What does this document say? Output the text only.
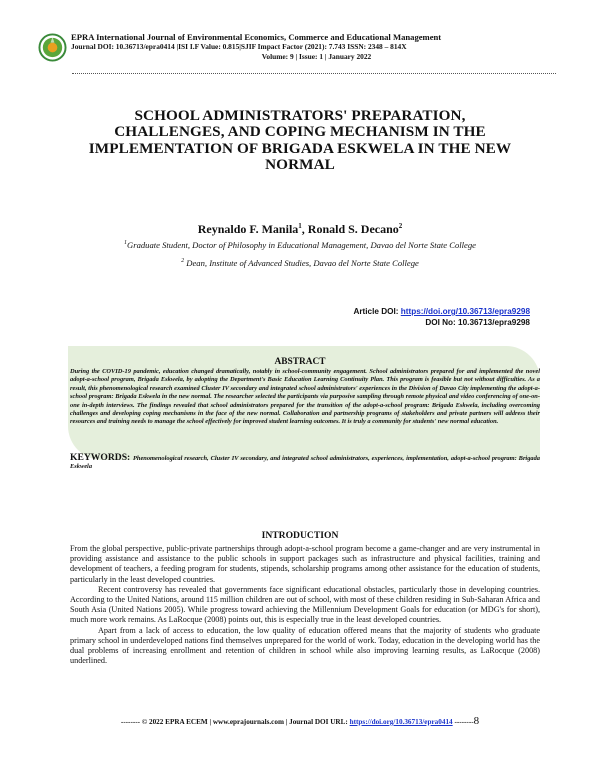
EPRA International Journal of Environmental Economics, Commerce and Educational Management
Journal DOI: 10.36713/epra0414 |ISI I.F Value: 0.815|SJIF Impact Factor (2021): 7.743 ISSN: 2348 – 814X
Volume: 9 | Issue: 1 | January 2022
SCHOOL ADMINISTRATORS' PREPARATION, CHALLENGES, AND COPING MECHANISM IN THE IMPLEMENTATION OF BRIGADA ESKWELA IN THE NEW NORMAL
Reynaldo F. Manila$^1$, Ronald S. Decano$^2$
$^1$Graduate Student, Doctor of Philosophy in Educational Management, Davao del Norte State College
$^2$ Dean, Institute of Advanced Studies, Davao del Norte State College
Article DOI: https://doi.org/10.36713/epra9298
DOI No: 10.36713/epra9298
ABSTRACT
During the COVID-19 pandemic, education changed dramatically, notably in school-community engagement. School administrators prepared for and implemented the novel adopt-a-school program, Brigada Eskwela, by adopting the Department's Basic Education Learning Continuity Plan. This program is feasible but not without difficulties. As a result, this phenomenological research examined Cluster IV secondary and integrated school administrators' experiences in the Division of Davao City implementing the adopt-a-school program: Brigada Eskwela in the new normal. The researcher selected the participants via purposive sampling through remote physical and video conferencing of one-on-one in-depth interviews. The findings revealed that school administrators prepared for the transition of the adopt-a-school program: Brigada Eskwela, including overcoming challenges and developing coping mechanisms in the face of the new normal. Collaboration and partnership programs of stakeholders and private partners will address their resources and training needs to manage the school effectively for improved student learning outcomes. It is truly a community for students' new normal education.
KEYWORDS: Phenomenological research, Cluster IV secondary, and integrated school administrators, experiences, implementation, adopt-a-school program: Brigada Eskwela
INTRODUCTION

From the global perspective, public-private partnerships through adopt-a-school program become a game-changer and are very instrumental in providing assistance and assistance to the public schools in support packages such as infrastructure and physical facilities, training and development of teachers, a feeding program for students, stipends, scholarship programs among other assistance for the education of students, particularly in the least developed countries.

Recent controversy has revealed that governments face significant educational obstacles, particularly those in developing countries. According to the United Nations, around 115 million children are out of school, with most of these children residing in Sub-Saharan Africa and South Asia (United Nations 2005). While progress toward achieving the Millennium Development Goals for education (or MDG's for short), much more work remains. As LaRocque (2008) points out, this is especially true in the least developed countries.

Apart from a lack of access to education, the low quality of education offered means that the majority of students who graduate primary school in underdeveloped nations find themselves unprepared for the world of work. Today, education in the developing world has the dual problems of increasing enrollment and retention of children in school while also improving learning results, as LaRocque (2008) underlined.

-------- © 2022 EPRA ECEM | www.eprajournals.com | Journal DOI URL: https://doi.org/10.36713/epra0414 --------8
